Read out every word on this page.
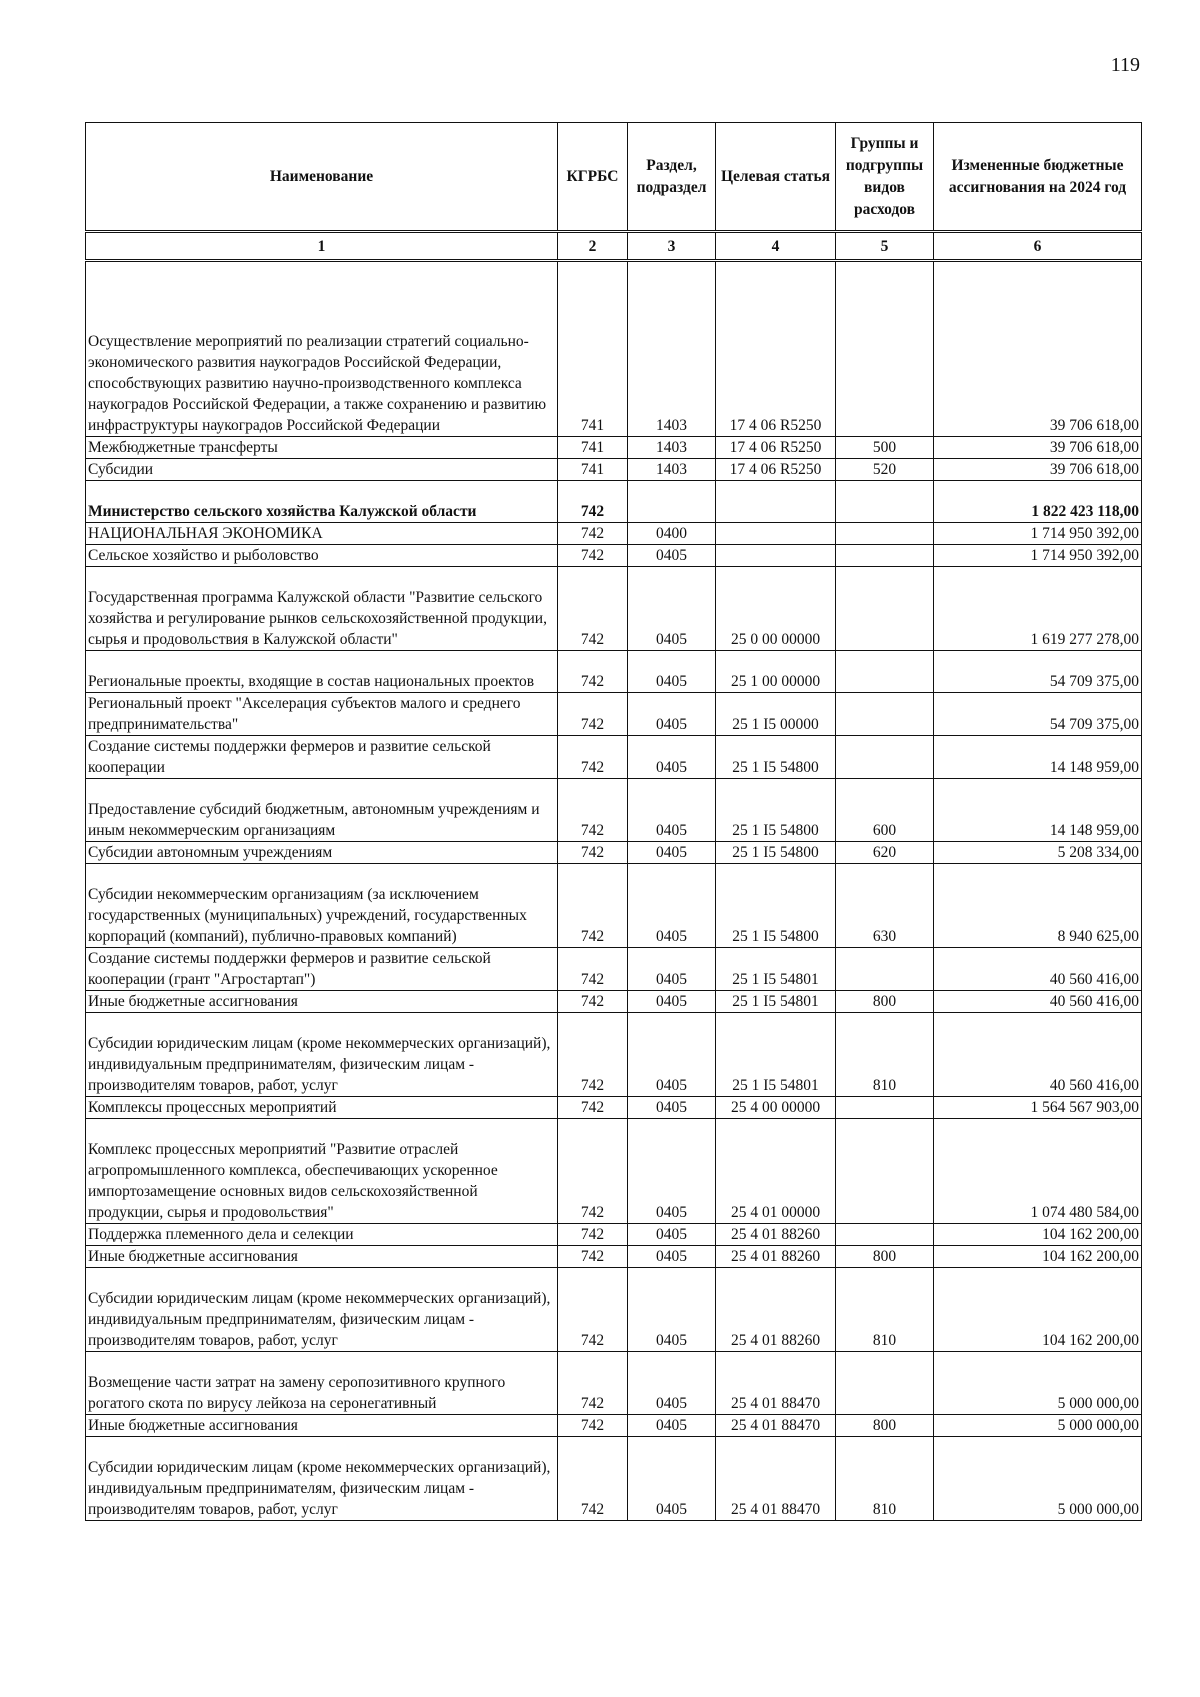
119
Наименование	КГРБС	Раздел, подраздел	Целевая статья	Группы и подгруппы видов расходов	Измененные бюджетные ассигнования на 2024 год
1	2	3	4	5	6
Осуществление мероприятий по реализации стратегий социально-экономического развития наукоградов Российской Федерации, способствующих развитию научно-производственного комплекса наукоградов Российской Федерации, а также сохранению и развитию инфраструктуры наукоградов Российской Федерации	741	1403	17 4 06 R5250		39 706 618,00
Межбюджетные трансферты	741	1403	17 4 06 R5250	500	39 706 618,00
Субсидии	741	1403	17 4 06 R5250	520	39 706 618,00
Министерство сельского хозяйства Калужской области	742				1 822 423 118,00
НАЦИОНАЛЬНАЯ ЭКОНОМИКА	742	0400			1 714 950 392,00
Сельское хозяйство и рыболовство	742	0405			1 714 950 392,00
Государственная программа Калужской области "Развитие сельского хозяйства и регулирование рынков сельскохозяйственной продукции, сырья и продовольствия в Калужской области"	742	0405	25 0 00 00000		1 619 277 278,00
Региональные проекты, входящие в состав национальных проектов	742	0405	25 1 00 00000		54 709 375,00
Региональный проект "Акселерация субъектов малого и среднего предпринимательства"	742	0405	25 1 I5 00000		54 709 375,00
Создание системы поддержки фермеров и развитие сельской кооперации	742	0405	25 1 I5 54800		14 148 959,00
Предоставление субсидий бюджетным, автономным учреждениям и иным некоммерческим организациям	742	0405	25 1 I5 54800	600	14 148 959,00
Субсидии автономным учреждениям	742	0405	25 1 I5 54800	620	5 208 334,00
Субсидии некоммерческим организациям (за исключением государственных (муниципальных) учреждений, государственных корпораций (компаний), публично-правовых компаний)	742	0405	25 1 I5 54800	630	8 940 625,00
Создание системы поддержки фермеров и развитие сельской кооперации (грант "Агростартап")	742	0405	25 1 I5 54801		40 560 416,00
Иные бюджетные ассигнования	742	0405	25 1 I5 54801	800	40 560 416,00
Субсидии юридическим лицам (кроме некоммерческих организаций), индивидуальным предпринимателям, физическим лицам - производителям товаров, работ, услуг	742	0405	25 1 I5 54801	810	40 560 416,00
Комплексы процессных мероприятий	742	0405	25 4 00 00000		1 564 567 903,00
Комплекс процессных мероприятий "Развитие отраслей агропромышленного комплекса, обеспечивающих ускоренное импортозамещение основных видов сельскохозяйственной продукции, сырья и продовольствия"	742	0405	25 4 01 00000		1 074 480 584,00
Поддержка племенного дела и селекции	742	0405	25 4 01 88260		104 162 200,00
Иные бюджетные ассигнования	742	0405	25 4 01 88260	800	104 162 200,00
Субсидии юридическим лицам (кроме некоммерческих организаций), индивидуальным предпринимателям, физическим лицам - производителям товаров, работ, услуг	742	0405	25 4 01 88260	810	104 162 200,00
Возмещение части затрат на замену серопозитивного крупного рогатого скота по вирусу лейкоза на серонегативный	742	0405	25 4 01 88470		5 000 000,00
Иные бюджетные ассигнования	742	0405	25 4 01 88470	800	5 000 000,00
Субсидии юридическим лицам (кроме некоммерческих организаций), индивидуальным предпринимателям, физическим лицам - производителям товаров, работ, услуг	742	0405	25 4 01 88470	810	5 000 000,00
